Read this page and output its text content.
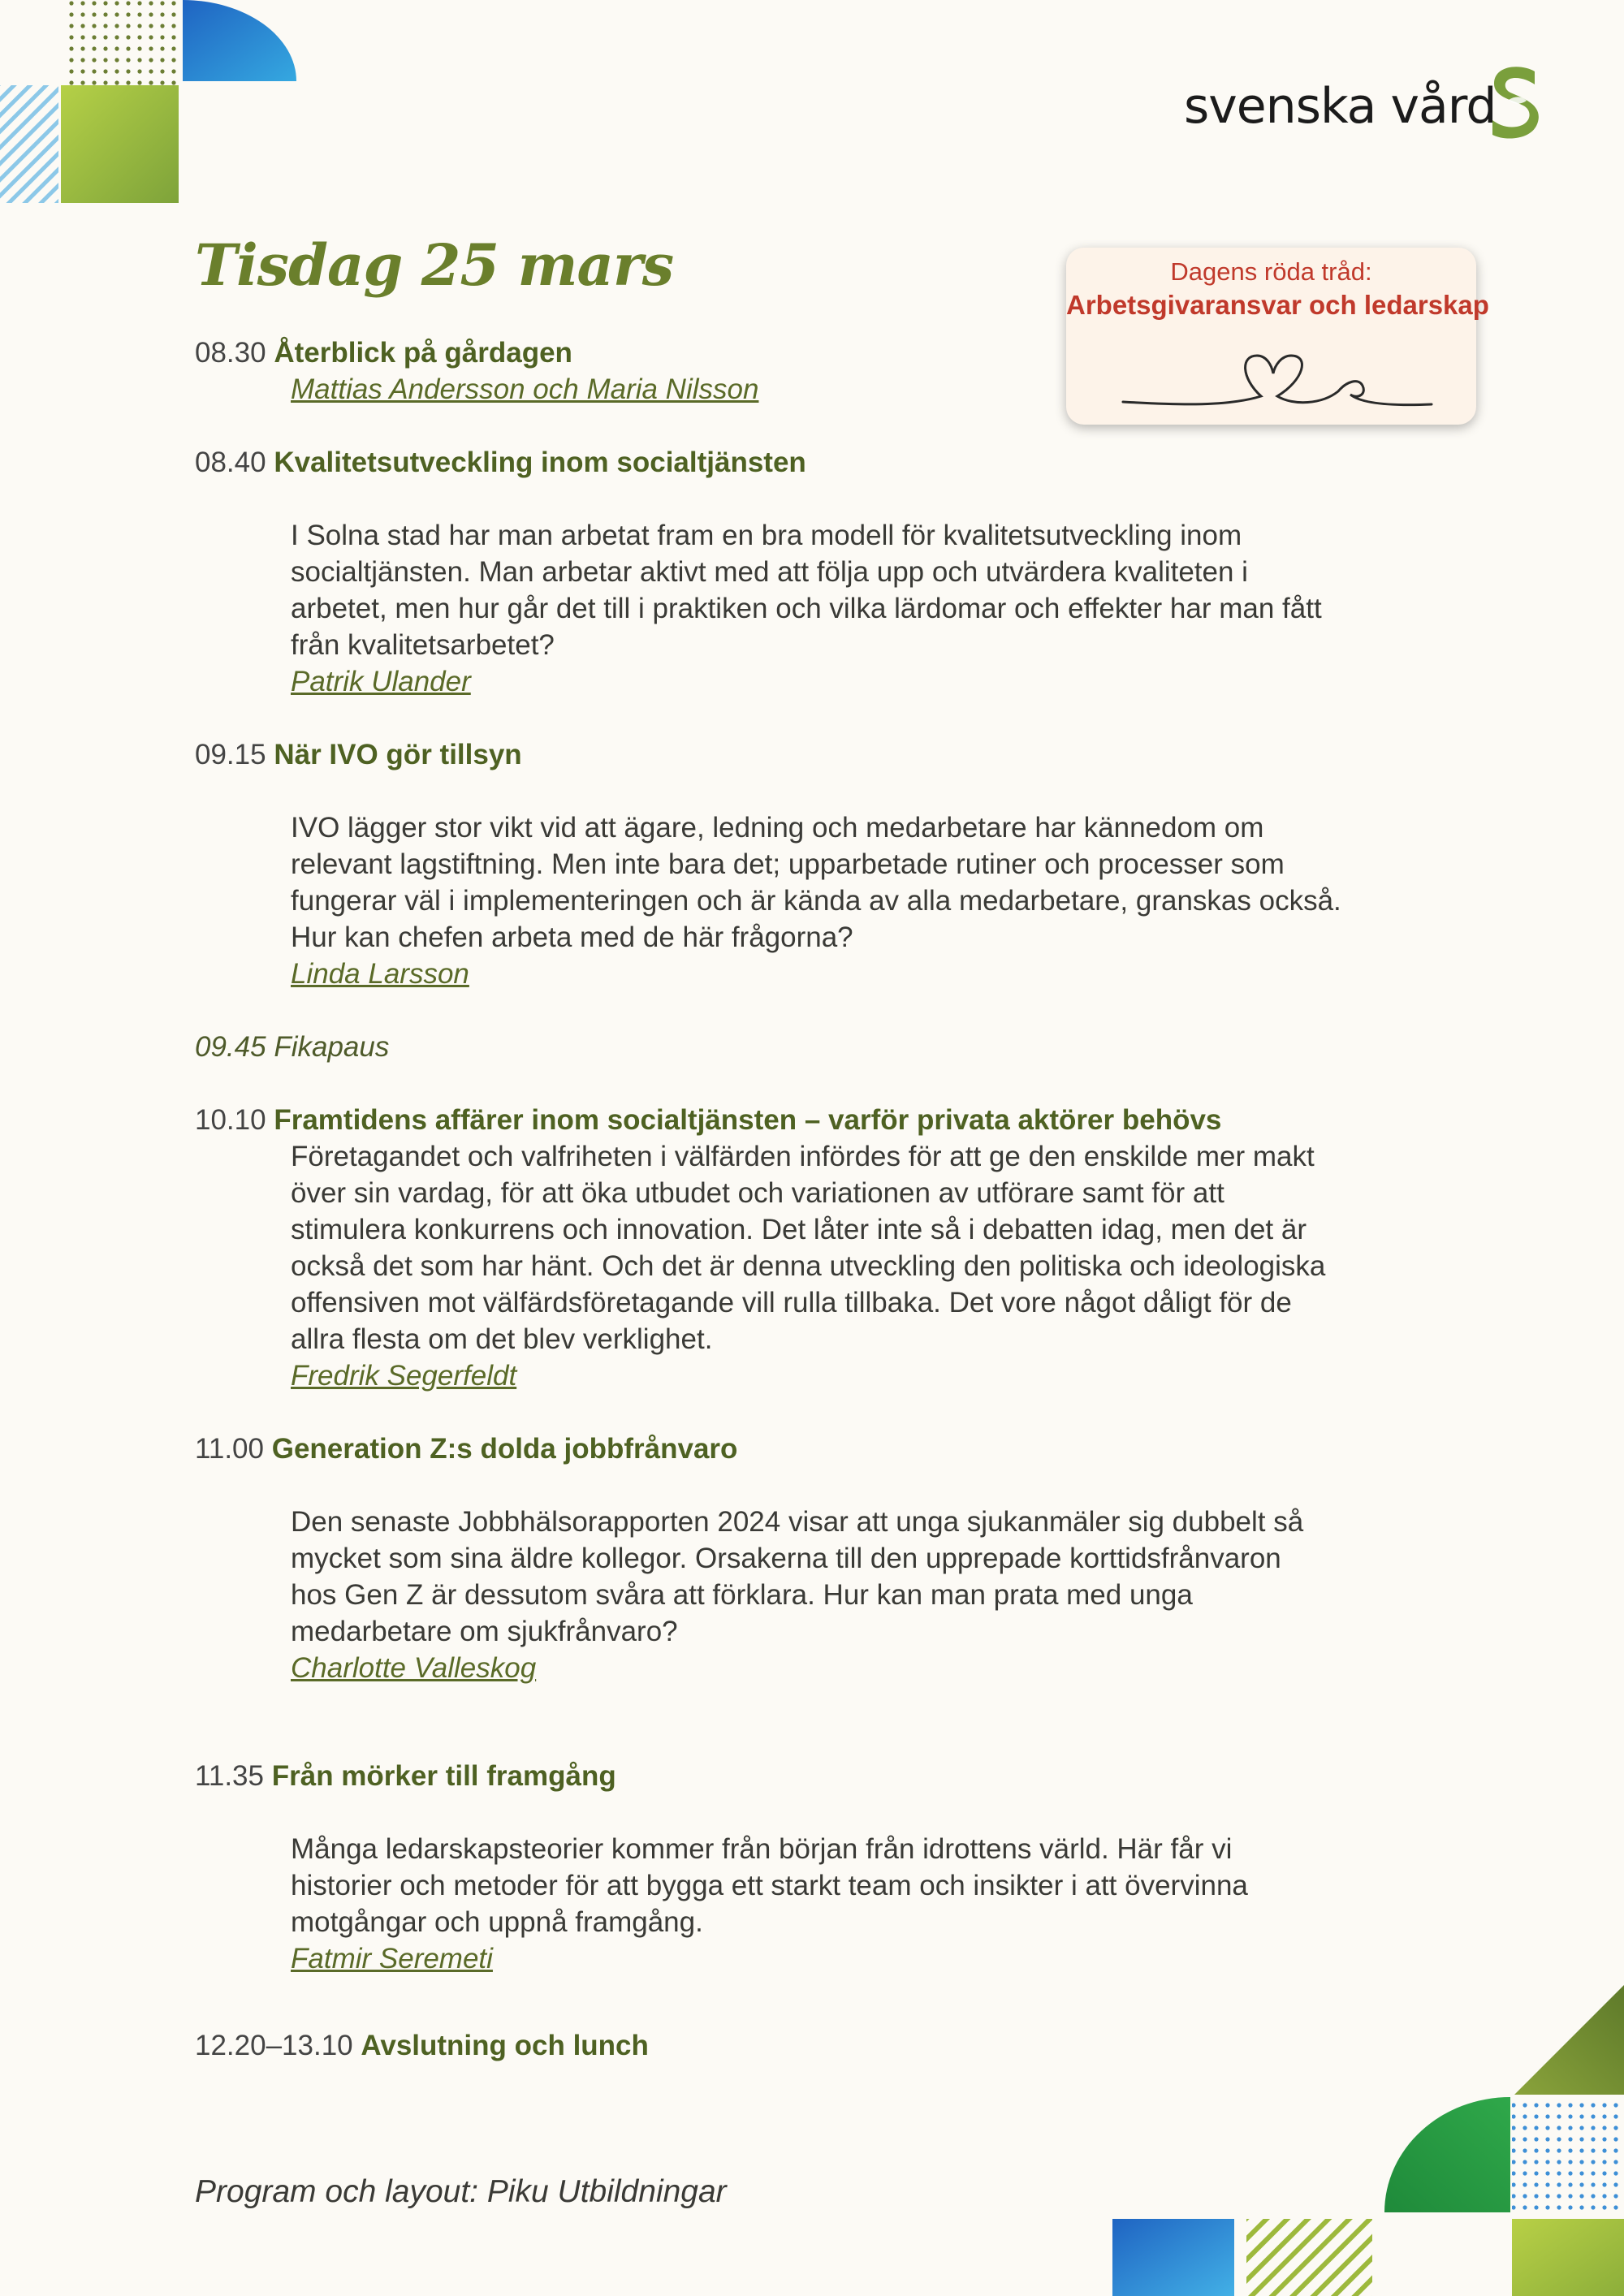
svenska vård
Tisdag 25 mars	Dagens röda tråd:
Arbetsgivaransvar och ledarskap
08.30 Återblick på gårdagen
Mattias Andersson och Maria Nilsson
08.40 Kvalitetsutveckling inom socialtjänsten

I Solna stad har man arbetat fram en bra modell för kvalitetsutveckling inom

socialtjänsten. Man arbetar aktivt med att följa upp och utvärdera kvaliteten i

arbetet, men hur går det till i praktiken och vilka lärdomar och effekter har man fått

från kvalitetsarbetet?

Patrik Ulander
09.15 När IVO gör tillsyn

IVO lägger stor vikt vid att ägare, ledning och medarbetare har kännedom om

relevant lagstiftning. Men inte bara det; upparbetade rutiner och processer som

fungerar väl i implementeringen och är kända av alla medarbetare, granskas också.

Hur kan chefen arbeta med de här frågorna?

Linda Larsson
09.45 Fikapaus
10.10 Framtidens affärer inom socialtjänsten – varför privata aktörer behövs

Företagandet och valfriheten i välfärden infördes för att ge den enskilde mer makt

över sin vardag, för att öka utbudet och variationen av utförare samt för att

stimulera konkurrens och innovation. Det låter inte så i debatten idag, men det är

också det som har hänt. Och det är denna utveckling den politiska och ideologiska

offensiven mot välfärdsföretagande vill rulla tillbaka. Det vore något dåligt för de

allra flesta om det blev verklighet.

Fredrik Segerfeldt
11.00 Generation Z:s dolda jobbfrånvaro

Den senaste Jobbhälsorapporten 2024 visar att unga sjukanmäler sig dubbelt så

mycket som sina äldre kollegor. Orsakerna till den upprepade korttidsfrånvaron

hos Gen Z är dessutom svåra att förklara. Hur kan man prata med unga

medarbetare om sjukfrånvaro?

Charlotte Valleskog
11.35 Från mörker till framgång

Många ledarskapsteorier kommer från början från idrottens värld. Här får vi

historier och metoder för att bygga ett starkt team och insikter i att övervinna

motgångar och uppnå framgång.

Fatmir Seremeti
12.20–13.10 Avslutning och lunch
Program och layout: Piku Utbildningar
